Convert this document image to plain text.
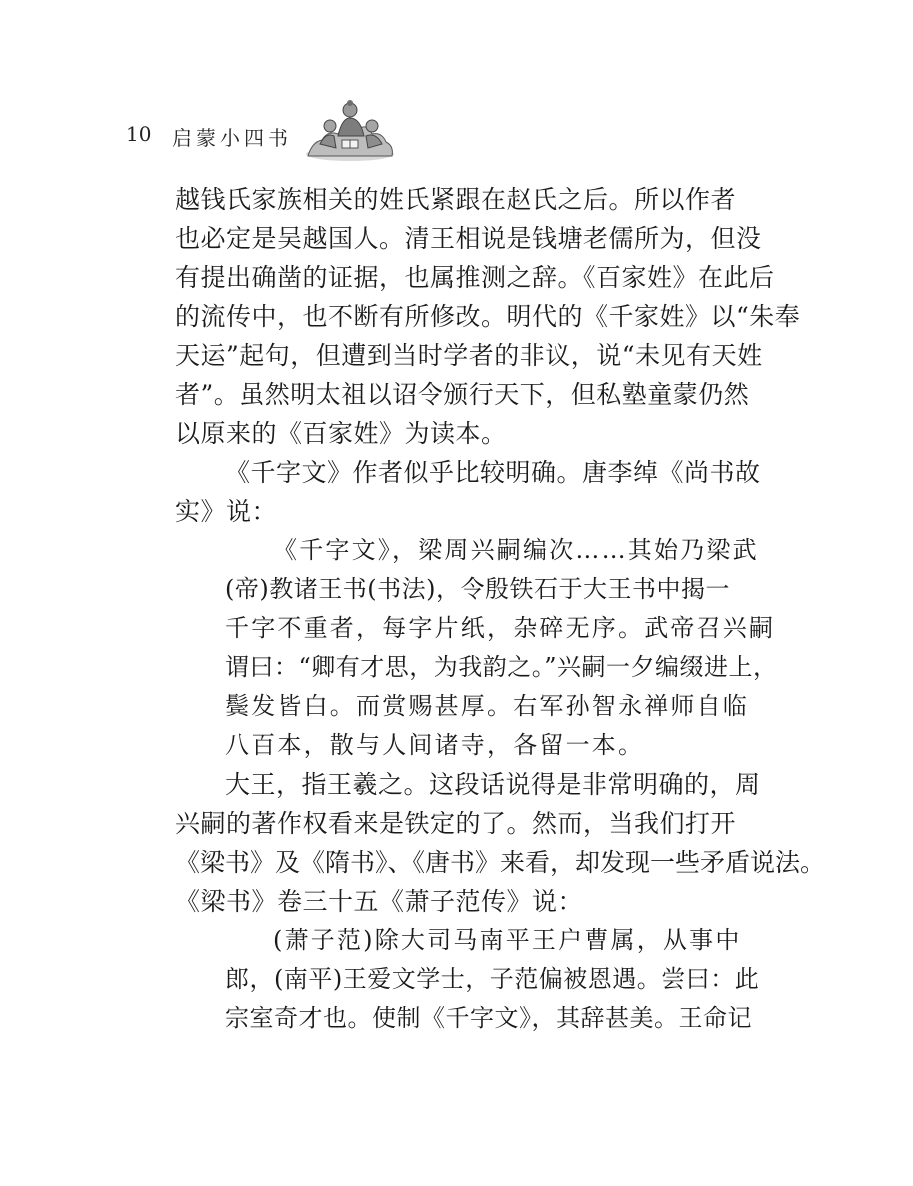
10 启蒙小四书
越钱氏家族相关的姓氏紧跟在赵氏之后。所以作者
也必定是吴越国人。清王相说是钱塘老儒所为，但没
有提出确凿的证据，也属推测之辞。《百家姓》在此后
的流传中，也不断有所修改。明代的《千家姓》以“朱奉
天运”起句，但遭到当时学者的非议，说“未见有天姓
者”。虽然明太祖以诏令颁行天下，但私塾童蒙仍然
以原来的《百家姓》为读本。
《千字文》作者似乎比较明确。唐李绰《尚书故
实》说：
《千字文》，梁周兴嗣编次……其始乃梁武
(帝)教诸王书(书法)，令殷铁石于大王书中揭一
千字不重者，每字片纸，杂碎无序。武帝召兴嗣
谓曰：“卿有才思，为我韵之。”兴嗣一夕编缀进上，
鬓发皆白。而赏赐甚厚。右军孙智永禅师自临
八百本，散与人间诸寺，各留一本。
大王，指王羲之。这段话说得是非常明确的，周
兴嗣的著作权看来是铁定的了。然而，当我们打开
《梁书》及《隋书》、《唐书》来看，却发现一些矛盾说法。
《梁书》卷三十五《萧子范传》说：
(萧子范)除大司马南平王户曹属，从事中
郎，(南平)王爱文学士，子范偏被恩遇。尝曰：此
宗室奇才也。使制《千字文》，其辞甚美。王命记
